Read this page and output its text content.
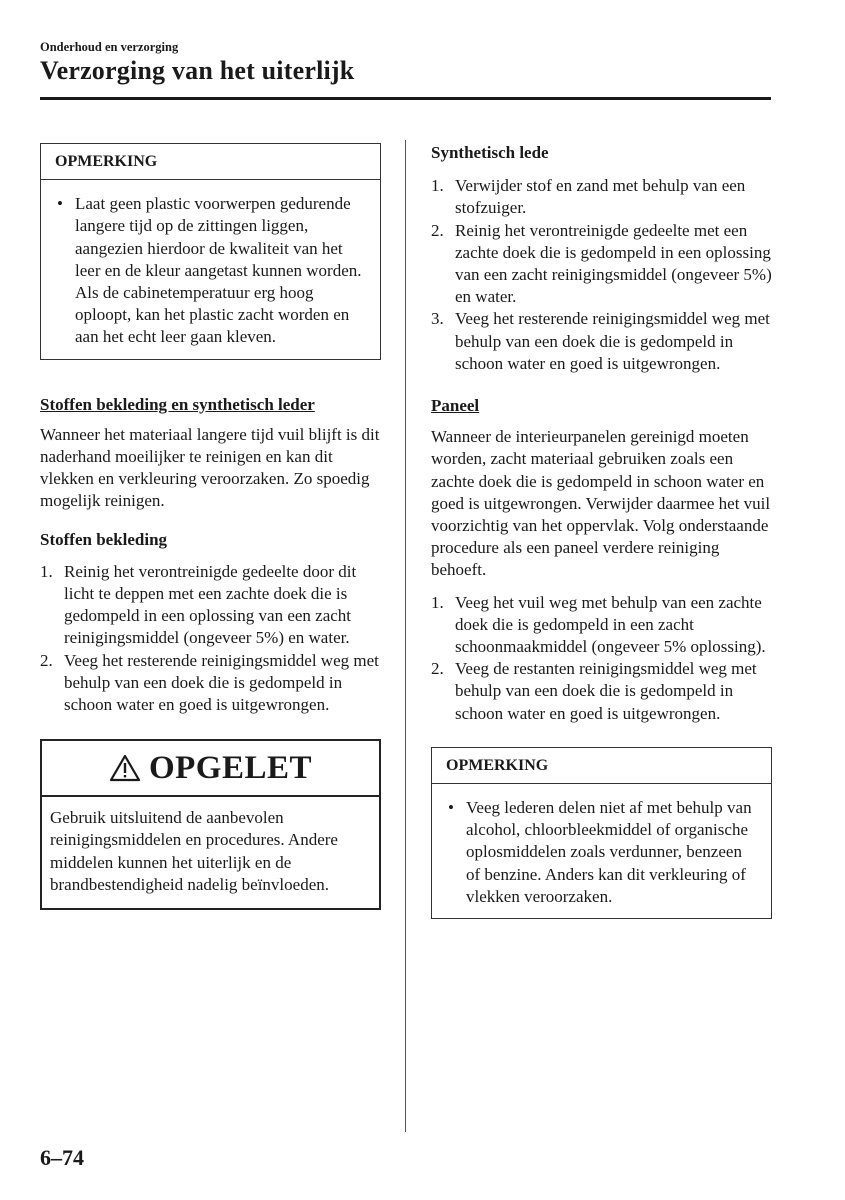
Onderhoud en verzorging
Verzorging van het uiterlijk
OPMERKING
• Laat geen plastic voorwerpen gedurende langere tijd op de zittingen liggen, aangezien hierdoor de kwaliteit van het leer en de kleur aangetast kunnen worden. Als de cabinetemperatuur erg hoog oploopt, kan het plastic zacht worden en aan het echt leer gaan kleven.
Stoffen bekleding en synthetisch leder

Wanneer het materiaal langere tijd vuil blijft is dit naderhand moeilijker te reinigen en kan dit vlekken en verkleuring veroorzaken. Zo spoedig mogelijk reinigen.

Stoffen bekleding
1. Reinig het verontreinigde gedeelte door dit licht te deppen met een zachte doek die is gedompeld in een oplossing van een zacht reinigingsmiddel (ongeveer 5%) en water.
2. Veeg het resterende reinigingsmiddel weg met behulp van een doek die is gedompeld in schoon water en goed is uitgewrongen.
OPGELET
Gebruik uitsluitend de aanbevolen reinigingsmiddelen en procedures. Andere middelen kunnen het uiterlijk en de brandbestendigheid nadelig beïnvloeden.
Synthetisch lede
1. Verwijder stof en zand met behulp van een stofzuiger.
2. Reinig het verontreinigde gedeelte met een zachte doek die is gedompeld in een oplossing van een zacht reinigingsmiddel (ongeveer 5%) en water.
3. Veeg het resterende reinigingsmiddel weg met behulp van een doek die is gedompeld in schoon water en goed is uitgewrongen.
Paneel

Wanneer de interieurpanelen gereinigd moeten worden, zacht materiaal gebruiken zoals een zachte doek die is gedompeld in schoon water en goed is uitgewrongen. Verwijder daarmee het vuil voorzichtig van het oppervlak. Volg onderstaande procedure als een paneel verdere reiniging behoeft.

1. Veeg het vuil weg met behulp van een zachte doek die is gedompeld in een zacht schoonmaakmiddel (ongeveer 5% oplossing).
2. Veeg de restanten reinigingsmiddel weg met behulp van een doek die is gedompeld in schoon water en goed is uitgewrongen.
OPMERKING
• Veeg lederen delen niet af met behulp van alcohol, chloorbleekmiddel of organische oplosmiddelen zoals verdunner, benzeen of benzine. Anders kan dit verkleuring of vlekken veroorzaken.
6–74
